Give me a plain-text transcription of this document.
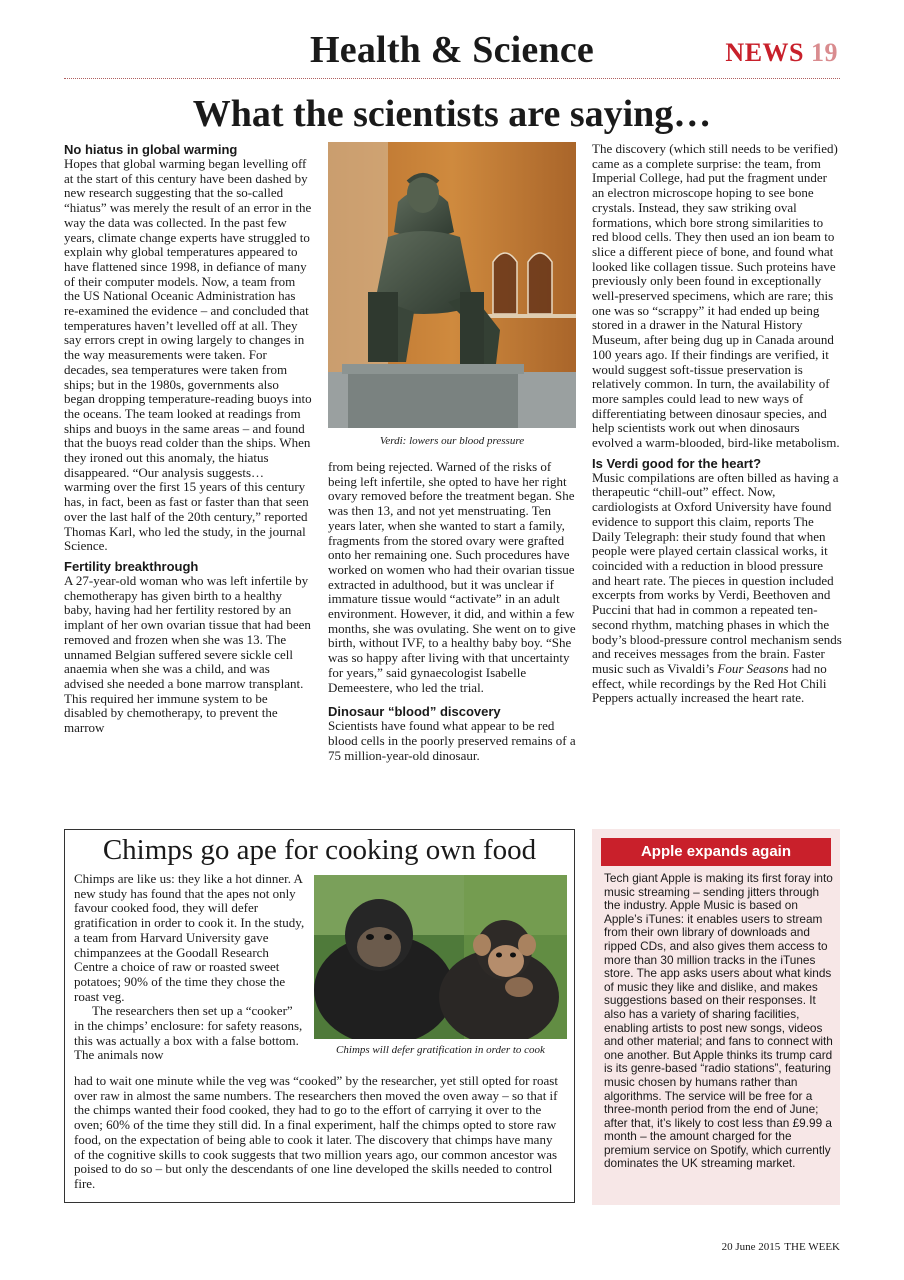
Health & Science	NEWS 19
What the scientists are saying…
No hiatus in global warming

Hopes that global warming began levelling off at the start of this century have been dashed by new research suggesting that the so-called “hiatus” was merely the result of an error in the way the data was collected. In the past few years, climate change experts have struggled to explain why global temperatures appeared to have flattened since 1998, in defiance of many of their computer models. Now, a team from the US National Oceanic Administration has re-examined the evidence – and concluded that temperatures haven’t levelled off at all. They say errors crept in owing largely to changes in the way measurements were taken. For decades, sea temperatures were taken from ships; but in the 1980s, governments also began dropping temperature-reading buoys into the oceans. The team looked at readings from ships and buoys in the same areas – and found that the buoys read colder than the ships. When they ironed out this anomaly, the hiatus disappeared. “Our analysis suggests… warming over the first 15 years of this century has, in fact, been as fast or faster than that seen over the last half of the 20th century,” reported Thomas Karl, who led the study, in the journal Science.

Fertility breakthrough

A 27-year-old woman who was left infertile by chemotherapy has given birth to a healthy baby, having had her fertility restored by an implant of her own ovarian tissue that had been removed and frozen when she was 13. The unnamed Belgian suffered severe sickle cell anaemia when she was a child, and was advised she needed a bone marrow transplant. This required her immune system to be disabled by chemotherapy, to prevent the marrow

Verdi: lowers our blood pressure

from being rejected. Warned of the risks of being left infertile, she opted to have her right ovary removed before the treatment began. She was then 13, and not yet menstruating. Ten years later, when she wanted to start a family, fragments from the stored ovary were grafted onto her remaining one. Such procedures have worked on women who had their ovarian tissue extracted in adulthood, but it was unclear if immature tissue would “activate” in an adult environment. However, it did, and within a few months, she was ovulating. She went on to give birth, without IVF, to a healthy baby boy. “She was so happy after living with that uncertainty for years,” said gynaecologist Isabelle Demeestere, who led the trial.

Dinosaur “blood” discovery

Scientists have found what appear to be red blood cells in the poorly preserved remains of a 75 million-year-old dinosaur.

The discovery (which still needs to be verified) came as a complete surprise: the team, from Imperial College, had put the fragment under an electron microscope hoping to see bone crystals. Instead, they saw striking oval formations, which bore strong similarities to red blood cells. They then used an ion beam to slice a different piece of bone, and found what looked like collagen tissue. Such proteins have previously only been found in exceptionally well-preserved specimens, which are rare; this one was so “scrappy” it had ended up being stored in a drawer in the Natural History Museum, after being dug up in Canada around 100 years ago. If their findings are verified, it would suggest soft-tissue preservation is relatively common. In turn, the availability of more samples could lead to new ways of differentiating between dinosaur species, and help scientists work out when dinosaurs evolved a warm-blooded, bird-like metabolism.

Is Verdi good for the heart?

Music compilations are often billed as having a therapeutic “chill-out” effect. Now, cardiologists at Oxford University have found evidence to support this claim, reports The Daily Telegraph: their study found that when people were played certain classical works, it coincided with a reduction in blood pressure and heart rate. The pieces in question included excerpts from works by Verdi, Beethoven and Puccini that had in common a repeated ten-second rhythm, matching phases in which the body’s blood-pressure control mechanism sends and receives messages from the brain. Faster music such as Vivaldi’s Four Seasons had no effect, while recordings by the Red Hot Chili Peppers actually increased the heart rate.

Chimps go ape for cooking own food

Chimps are like us: they like a hot dinner. A new study has found that the apes not only favour cooked food, they will defer gratification in order to cook it. In the study, a team from Harvard University gave chimpanzees at the Goodall Research Centre a choice of raw or roasted sweet potatoes; 90% of the time they chose the roast veg.

The researchers then set up a “cooker” in the chimps’ enclosure: for safety reasons, this was actually a box with a false bottom. The animals now	Chimps will defer gratification in order to cook

had to wait one minute while the veg was “cooked” by the researcher, yet still opted for roast over raw in almost the same numbers. The researchers then moved the oven away – so that if the chimps wanted their food cooked, they had to go to the effort of carrying it over to the oven; 60% of the time they still did. In a final experiment, half the chimps opted to store raw food, on the expectation of being able to cook it later. The discovery that chimps have many of the cognitive skills to cook suggests that two million years ago, our common ancestor was poised to do so – but only the descendants of one line developed the skills needed to control fire.

Apple expands again
Tech giant Apple is making its first foray into music streaming – sending jitters through the industry. Apple Music is based on Apple’s iTunes: it enables users to stream from their own library of downloads and ripped CDs, and also gives them access to more than 30 million tracks in the iTunes store. The app asks users about what kinds of music they like and dislike, and makes suggestions based on their responses. It also has a variety of sharing facilities, enabling artists to post new songs, videos and other material; and fans to connect with one another. But Apple thinks its trump card is its genre-based “radio stations”, featuring music chosen by humans rather than algorithms. The service will be free for a three-month period from the end of June; after that, it’s likely to cost less than £9.99 a month – the amount charged for the premium service on Spotify, which currently dominates the UK streaming market.
20 June 2015 THE WEEK
